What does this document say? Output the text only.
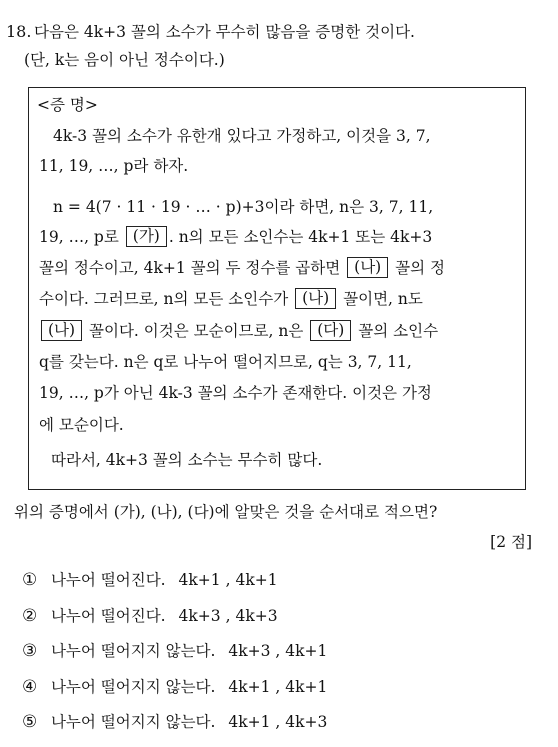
18. 다음은 4k+3 꼴의 소수가 무수히 많음을 증명한 것이다.
(단, k는 음이 아닌 정수이다.)
<증 명>
4k-3 꼴의 소수가 유한개 있다고 가정하고, 이것을 3, 7,
11, 19, …, p라 하자.
n = 4(7 · 11 · 19 · … · p)+3이라 하면, n은 3, 7, 11,
19, …, p로 (가) . n의 모든 소인수는 4k+1 또는 4k+3
꼴의 정수이고, 4k+1 꼴의 두 정수를 곱하면 (나) 꼴의 정
수이다. 그러므로, n의 모든 소인수가 (나) 꼴이면, n도
(나) 꼴이다. 이것은 모순이므로, n은 (다) 꼴의 소인수
q를 갖는다. n은 q로 나누어 떨어지므로, q는 3, 7, 11,
19, …, p가 아닌 4k-3 꼴의 소수가 존재한다. 이것은 가정
에 모순이다.
따라서, 4k+3 꼴의 소수는 무수히 많다.
위의 증명에서 (가), (나), (다)에 알맞은 것을 순서대로 적으면?
[2 점]
① 나누어 떨어진다. 4k+1 , 4k+1
② 나누어 떨어진다. 4k+3 , 4k+3
③ 나누어 떨어지지 않는다. 4k+3 , 4k+1
④ 나누어 떨어지지 않는다. 4k+1 , 4k+1
⑤ 나누어 떨어지지 않는다. 4k+1 , 4k+3
